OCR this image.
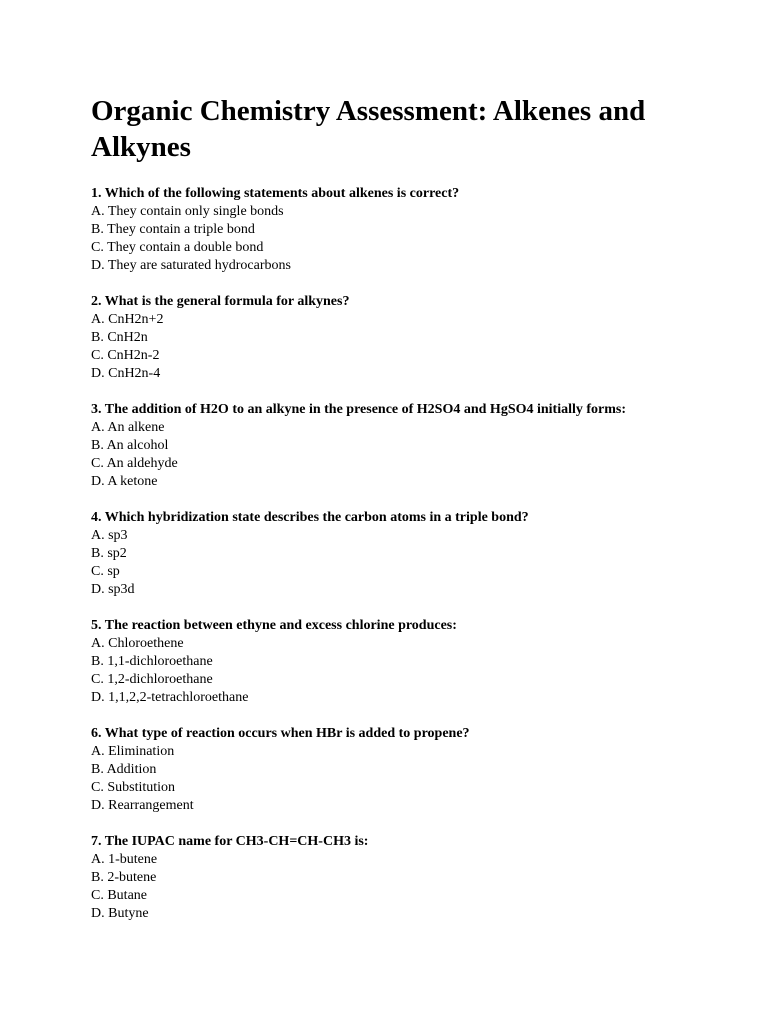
Organic Chemistry Assessment: Alkenes and Alkynes
1. Which of the following statements about alkenes is correct?
A. They contain only single bonds
B. They contain a triple bond
C. They contain a double bond
D. They are saturated hydrocarbons
2. What is the general formula for alkynes?
A. CnH2n+2
B. CnH2n
C. CnH2n-2
D. CnH2n-4
3. The addition of H2O to an alkyne in the presence of H2SO4 and HgSO4 initially forms:
A. An alkene
B. An alcohol
C. An aldehyde
D. A ketone
4. Which hybridization state describes the carbon atoms in a triple bond?
A. sp3
B. sp2
C. sp
D. sp3d
5. The reaction between ethyne and excess chlorine produces:
A. Chloroethene
B. 1,1-dichloroethane
C. 1,2-dichloroethane
D. 1,1,2,2-tetrachloroethane
6. What type of reaction occurs when HBr is added to propene?
A. Elimination
B. Addition
C. Substitution
D. Rearrangement
7. The IUPAC name for CH3-CH=CH-CH3 is:
A. 1-butene
B. 2-butene
C. Butane
D. Butyne
